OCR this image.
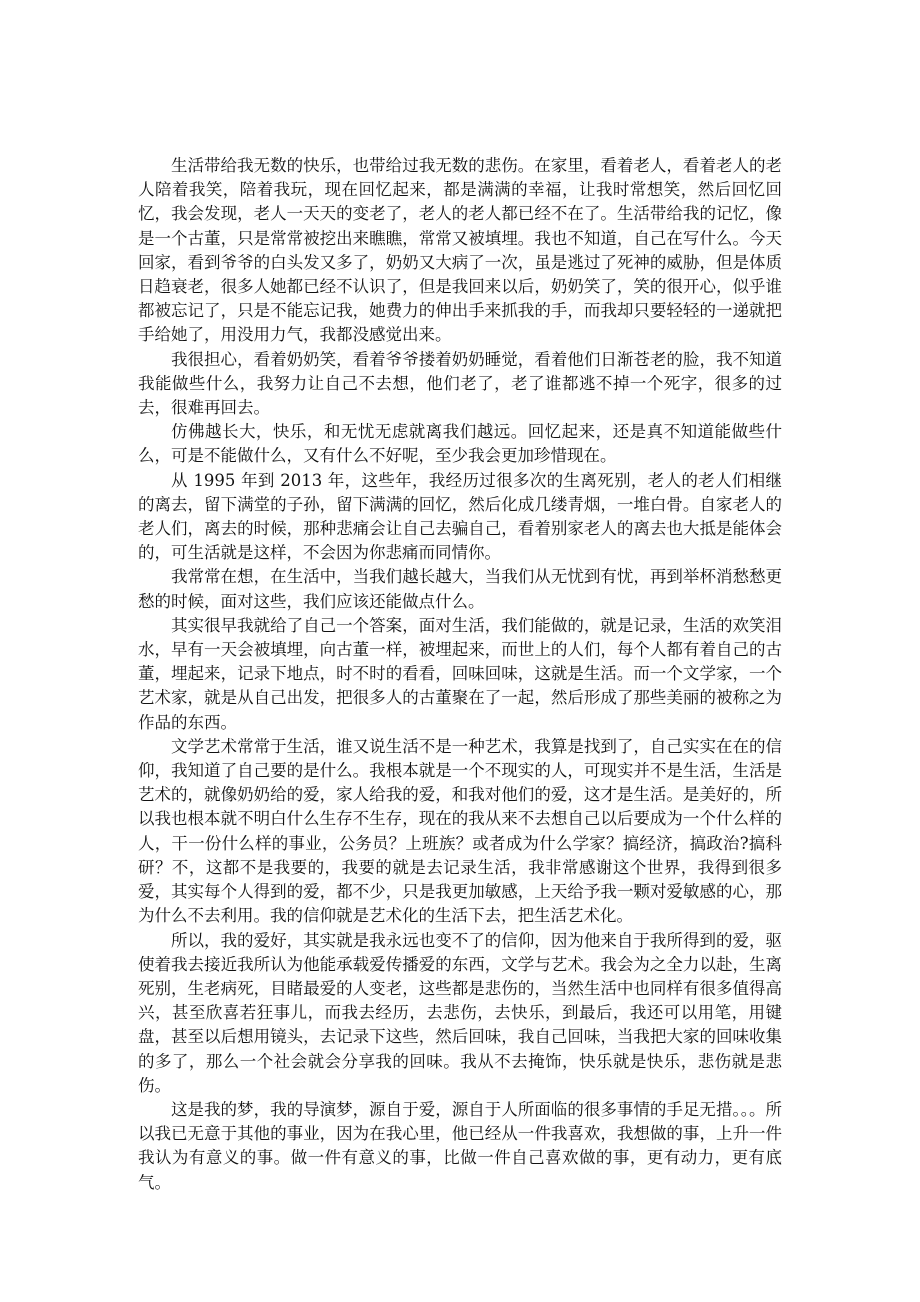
生活带给我无数的快乐，也带给过我无数的悲伤。在家里，看着老人，看着老人的老人陪着我笑，陪着我玩，现在回忆起来，都是满满的幸福，让我时常想笑，然后回忆回忆，我会发现，老人一天天的变老了，老人的老人都已经不在了。生活带给我的记忆，像是一个古董，只是常常被挖出来瞧瞧，常常又被填埋。我也不知道，自己在写什么。今天回家，看到爷爷的白头发又多了，奶奶又大病了一次，虽是逃过了死神的威胁，但是体质日趋衰老，很多人她都已经不认识了，但是我回来以后，奶奶笑了，笑的很开心，似乎谁都被忘记了，只是不能忘记我，她费力的伸出手来抓我的手，而我却只要轻轻的一递就把手给她了，用没用力气，我都没感觉出来。

我很担心，看着奶奶笑，看着爷爷搂着奶奶睡觉，看着他们日渐苍老的脸，我不知道我能做些什么，我努力让自己不去想，他们老了，老了谁都逃不掉一个死字，很多的过去，很难再回去。

仿佛越长大，快乐，和无忧无虑就离我们越远。回忆起来，还是真不知道能做些什么，可是不能做什么，又有什么不好呢，至少我会更加珍惜现在。

从 1995 年到 2013 年，这些年，我经历过很多次的生离死别，老人的老人们相继的离去，留下满堂的子孙，留下满满的回忆，然后化成几缕青烟，一堆白骨。自家老人的老人们，离去的时候，那种悲痛会让自己去骗自己，看着别家老人的离去也大抵是能体会的，可生活就是这样，不会因为你悲痛而同情你。

我常常在想，在生活中，当我们越长越大，当我们从无忧到有忧，再到举杯消愁愁更愁的时候，面对这些，我们应该还能做点什么。

其实很早我就给了自己一个答案，面对生活，我们能做的，就是记录，生活的欢笑泪水，早有一天会被填埋，向古董一样，被埋起来，而世上的人们，每个人都有着自己的古董，埋起来，记录下地点，时不时的看看，回味回味，这就是生活。而一个文学家，一个艺术家，就是从自己出发，把很多人的古董聚在了一起，然后形成了那些美丽的被称之为作品的东西。

文学艺术常常于生活，谁又说生活不是一种艺术，我算是找到了，自己实实在在的信仰，我知道了自己要的是什么。我根本就是一个不现实的人，可现实并不是生活，生活是艺术的，就像奶奶给的爱，家人给我的爱，和我对他们的爱，这才是生活。是美好的，所以我也根本就不明白什么生存不生存，现在的我从来不去想自己以后要成为一个什么样的人，干一份什么样的事业，公务员？上班族？或者成为什么学家？搞经济，搞政治?搞科研？不，这都不是我要的，我要的就是去记录生活，我非常感谢这个世界，我得到很多爱，其实每个人得到的爱，都不少，只是我更加敏感，上天给予我一颗对爱敏感的心，那为什么不去利用。我的信仰就是艺术化的生活下去，把生活艺术化。

所以，我的爱好，其实就是我永远也变不了的信仰，因为他来自于我所得到的爱，驱使着我去接近我所认为他能承载爱传播爱的东西，文学与艺术。我会为之全力以赴，生离死别，生老病死，目睹最爱的人变老，这些都是悲伤的，当然生活中也同样有很多值得高兴，甚至欣喜若狂事儿，而我去经历，去悲伤，去快乐，到最后，我还可以用笔，用键盘，甚至以后想用镜头，去记录下这些，然后回味，我自己回味，当我把大家的回味收集的多了，那么一个社会就会分享我的回味。我从不去掩饰，快乐就是快乐，悲伤就是悲伤。

这是我的梦，我的导演梦，源自于爱，源自于人所面临的很多事情的手足无措。。。所以我已无意于其他的事业，因为在我心里，他已经从一件我喜欢，我想做的事，上升一件我认为有意义的事。做一件有意义的事，比做一件自己喜欢做的事，更有动力，更有底气。
